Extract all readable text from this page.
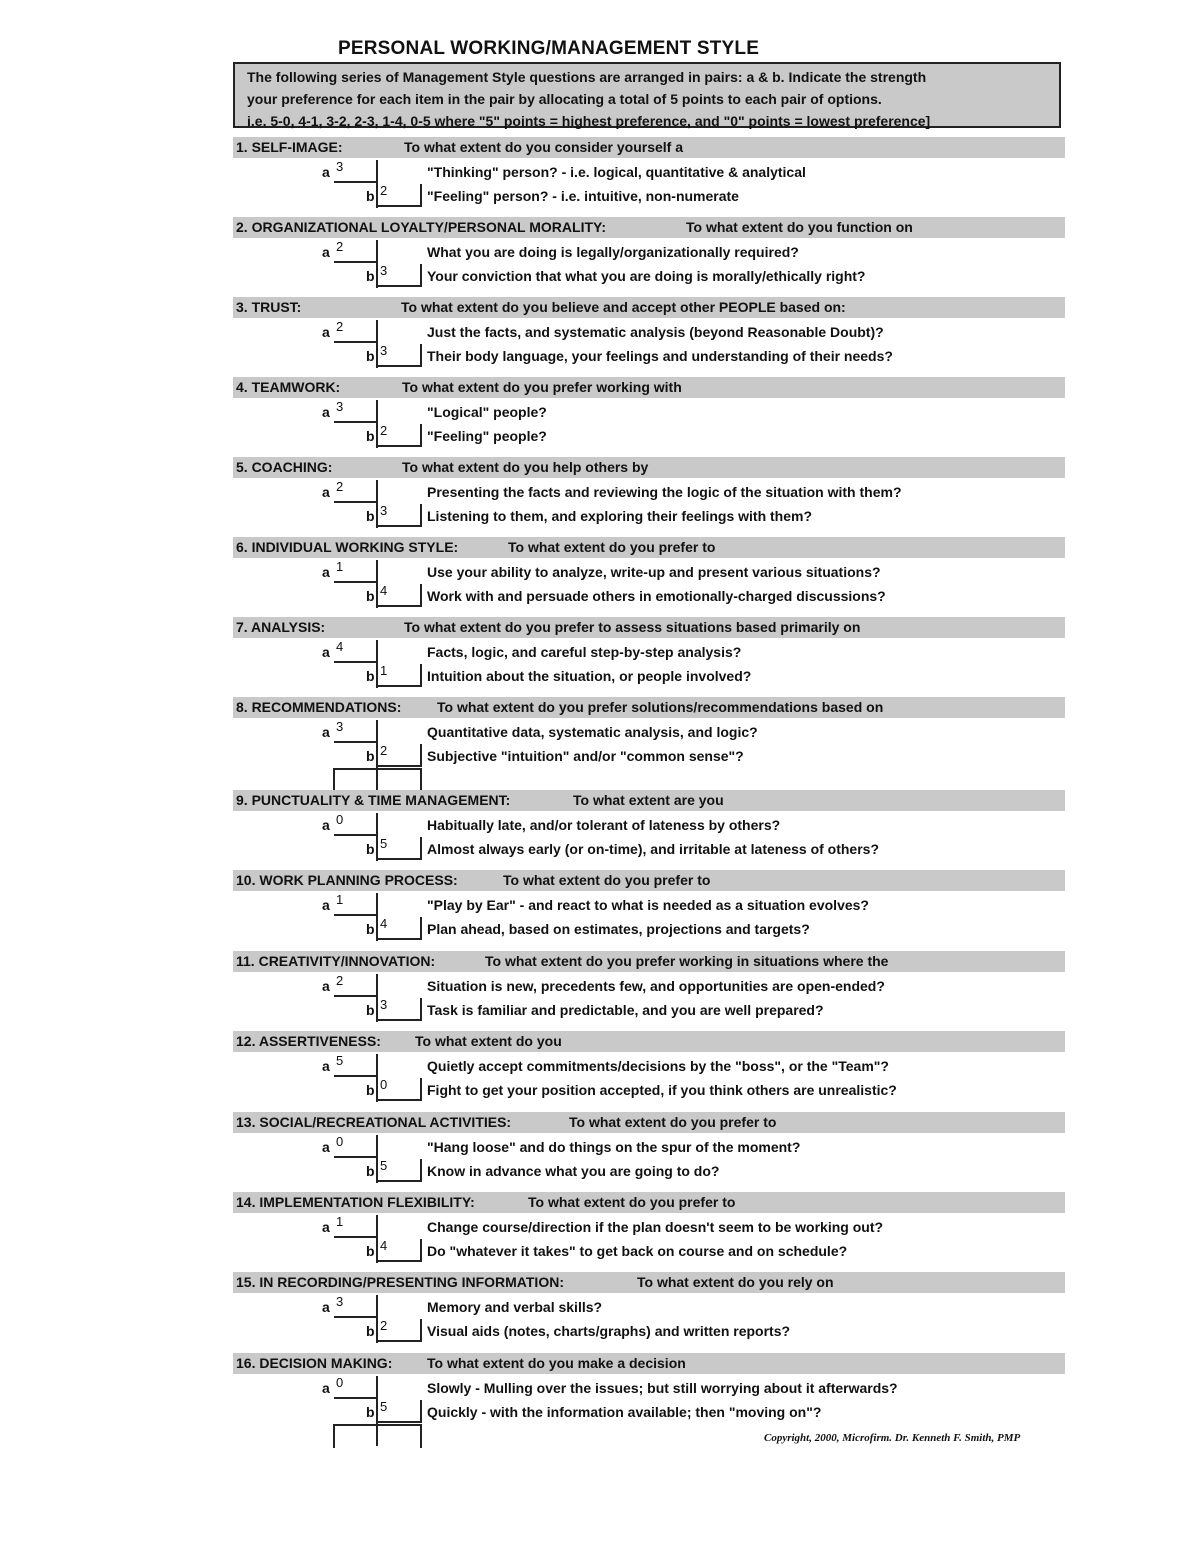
PERSONAL WORKING/MANAGEMENT STYLE
The following series of Management Style questions are arranged in pairs: a & b. Indicate the strength
your preference for each item in the pair by allocating a total of 5 points to each pair of options.
i.e. 5-0, 4-1, 3-2, 2-3, 1-4, 0-5 where "5" points = highest preference, and "0" points = lowest preference]
1. SELF-IMAGE:	To what extent do you consider yourself a
a 3	"Thinking" person? - i.e. logical, quantitative & analytical
b 2	"Feeling" person? - i.e. intuitive, non-numerate
2. ORGANIZATIONAL LOYALTY/PERSONAL MORALITY:	To what extent do you function on
a 2	What you are doing is legally/organizationally required?
b 3	Your conviction that what you are doing is morally/ethically right?
3. TRUST:	To what extent do you believe and accept other PEOPLE based on:
a 2	Just the facts, and systematic analysis (beyond Reasonable Doubt)?
b 3	Their body language, your feelings and understanding of their needs?
4. TEAMWORK:	To what extent do you prefer working with
a 3	"Logical" people?
b 2	"Feeling" people?
5. COACHING:	To what extent do you help others by
a 2	Presenting the facts and reviewing the logic of the situation with them?
b 3	Listening to them, and exploring their feelings with them?
6. INDIVIDUAL WORKING STYLE:	To what extent do you prefer to
a 1	Use your ability to analyze, write-up and present various situations?
b 4	Work with and persuade others in emotionally-charged discussions?
7. ANALYSIS:	To what extent do you prefer to assess situations based primarily on
a 4	Facts, logic, and careful step-by-step analysis?
b 1	Intuition about the situation, or people involved?
8. RECOMMENDATIONS:	To what extent do you prefer solutions/recommendations based on
a 3	Quantitative data, systematic analysis, and logic?
b 2	Subjective "intuition" and/or "common sense"?
9. PUNCTUALITY & TIME MANAGEMENT:	To what extent are you
a 0	Habitually late, and/or tolerant of lateness by others?
b 5	Almost always early (or on-time), and irritable at lateness of others?
10. WORK PLANNING PROCESS:	To what extent do you prefer to
a 1	"Play by Ear" - and react to what is needed as a situation evolves?
b 4	Plan ahead, based on estimates, projections and targets?
11. CREATIVITY/INNOVATION:	To what extent do you prefer working in situations where the
a 2	Situation is new, precedents few, and opportunities are open-ended?
b 3	Task is familiar and predictable, and you are well prepared?
12. ASSERTIVENESS: To what extent do you
a 5	Quietly accept commitments/decisions by the "boss", or the "Team"?
b 0	Fight to get your position accepted, if you think others are unrealistic?
13. SOCIAL/RECREATIONAL ACTIVITIES:	To what extent do you prefer to
a 0	"Hang loose" and do things on the spur of the moment?
b 5	Know in advance what you are going to do?
14. IMPLEMENTATION FLEXIBILITY:	To what extent do you prefer to
a 1	Change course/direction if the plan doesn't seem to be working out?
b 4	Do "whatever it takes" to get back on course and on schedule?
15. IN RECORDING/PRESENTING INFORMATION:	To what extent do you rely on
a 3	Memory and verbal skills?
b 2	Visual aids (notes, charts/graphs) and written reports?
16. DECISION MAKING: To what extent do you make a decision
a 0	Slowly - Mulling over the issues; but still worrying about it afterwards?
b 5	Quickly - with the information available; then "moving on"?
Copyright, 2000, Microfirm. Dr. Kenneth F. Smith, PMP
